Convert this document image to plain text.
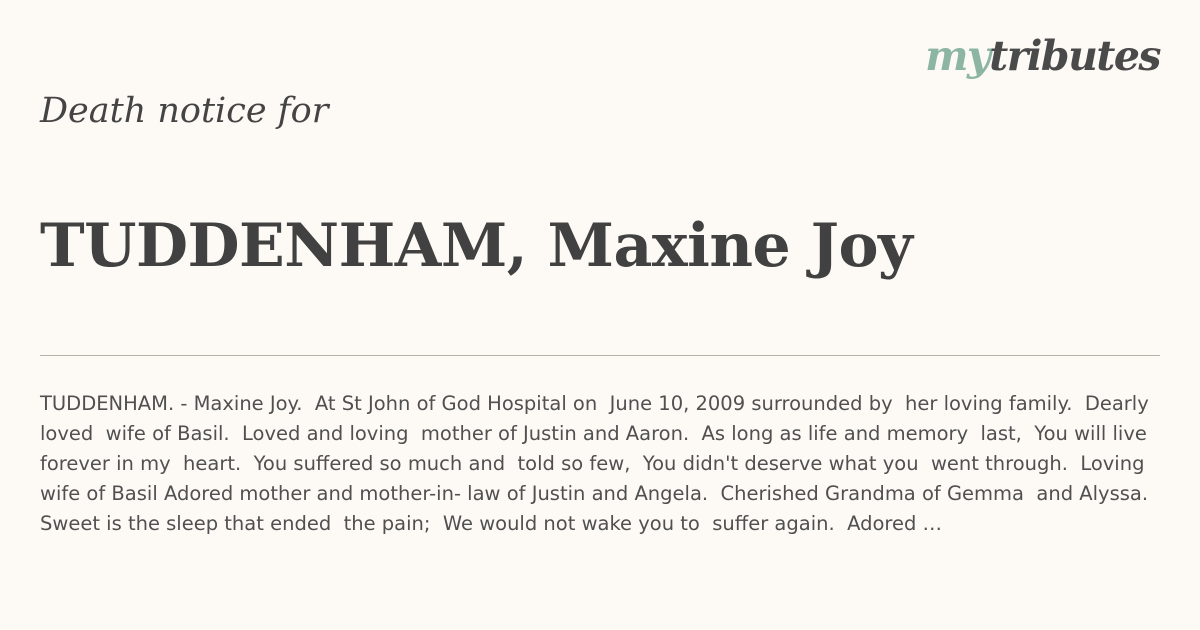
mytributes
Death notice for
TUDDENHAM, Maxine Joy
TUDDENHAM. - Maxine Joy.  At St John of God Hospital on  June 10, 2009 surrounded by  her loving family.  Dearly loved  wife of Basil.  Loved and loving  mother of Justin and Aaron.  As long as life and memory  last,  You will live forever in my  heart.  You suffered so much and  told so few,  You didn't deserve what you  went through.  Loving wife of Basil Adored mother and mother-in- law of Justin and Angela.  Cherished Grandma of Gemma  and Alyssa.  Sweet is the sleep that ended  the pain;  We would not wake you to  suffer again.  Adored …
